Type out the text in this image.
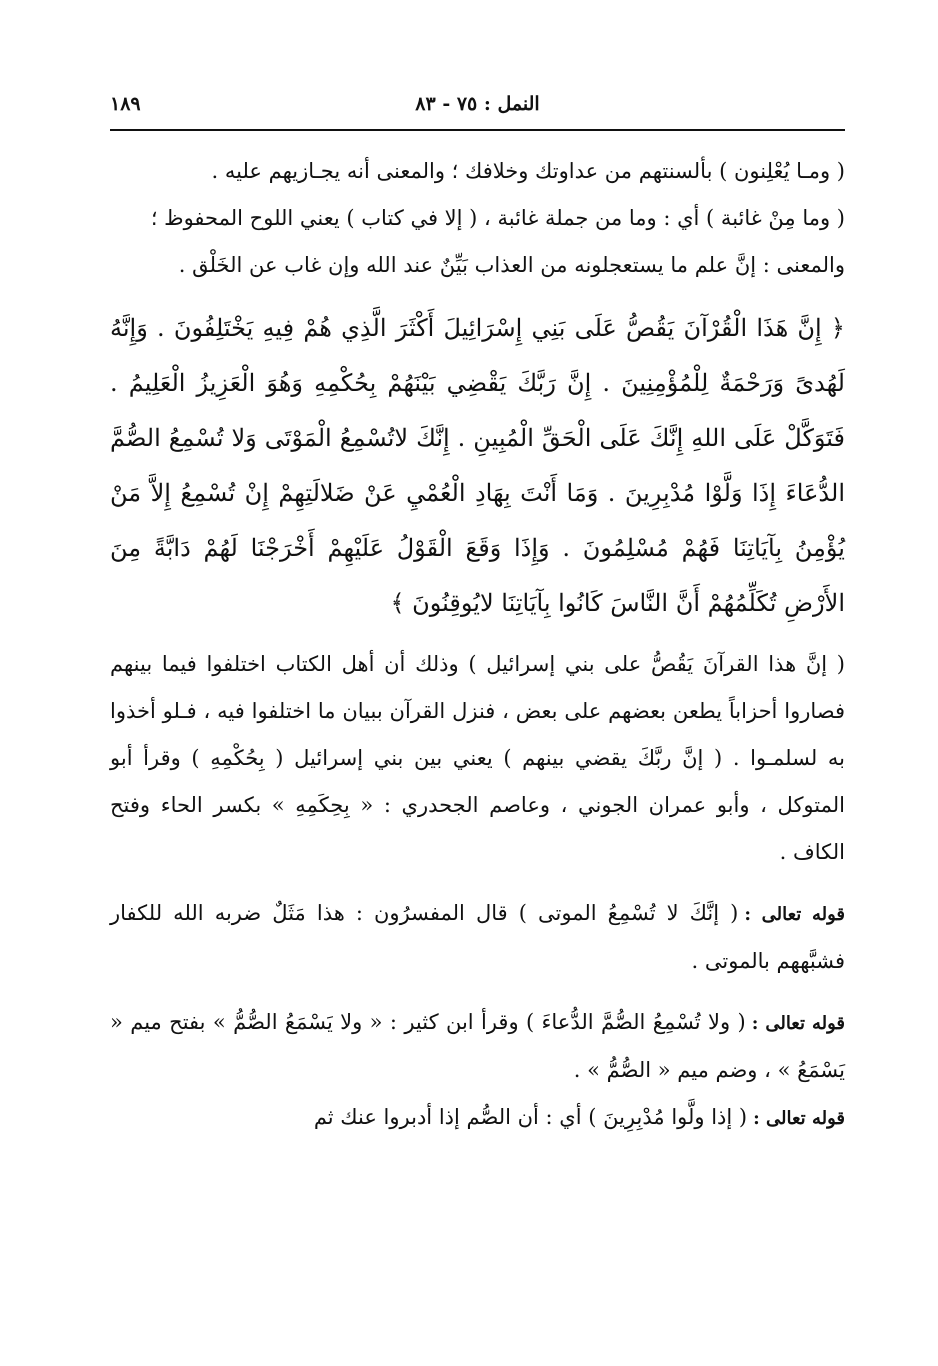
النمل : ٧٥ - ٨٣
١٨٩

( ومـا يُعْلِنون ) بألسنتهم من عداوتك وخلافك ؛ والمعنى أنه يجـازيهم عليه .

( وما مِنْ غائبة ) أي : وما من جملة غائبة ، ( إلا في كتاب ) يعني اللوح المحفوظ ؛

والمعنى : إنَّ علم ما يستعجلونه من العذاب بَيِّنٌ عند الله وإن غاب عن الخَلْق .

﴿ إِنَّ هَذَا الْقُرْآنَ يَقُصُّ عَلَى بَنِي إِسْرَائِيلَ أَكْثَرَ الَّذِي هُمْ فِيهِ يَخْتَلِفُونَ . وَإِنَّهُ لَهُدىً وَرَحْمَةٌ لِلْمُؤْمِنِينَ . إِنَّ رَبَّكَ يَقْضِي بَيْنَهُمْ بِحُكْمِهِ وَهُوَ الْعَزِيزُ الْعَلِيمُ . فَتَوَكَّلْ عَلَى اللهِ إِنَّكَ عَلَى الْحَقِّ الْمُبِينِ . إِنَّكَ لاتُسْمِعُ الْمَوْتَى وَلا تُسْمِعُ الصُّمَّ الدُّعَاءَ إِذَا وَلَّوْا مُدْبِرِينَ . وَمَا أَنْتَ بِهَادِ الْعُمْيِ عَنْ ضَلالَتِهِمْ إِنْ تُسْمِعُ إِلاَّ مَنْ يُؤْمِنُ بِآيَاتِنَا فَهُمْ مُسْلِمُونَ . وَإِذَا وَقَعَ الْقَوْلُ عَلَيْهِمْ أَخْرَجْنَا لَهُمْ دَابَّةً مِنَ الأَرْضِ تُكَلِّمُهُمْ أَنَّ النَّاسَ كَانُوا بِآيَاتِنَا لايُوقِنُونَ ﴾

( إنَّ هذا القرآنَ يَقُصُّ على بني إسرائيل ) وذلك أن أهل الكتاب اختلفوا فيما بينهم فصاروا أحزاباً يطعن بعضهم على بعض ، فنزل القرآن ببيان ما اختلفوا فيه ، فـلو أخذوا به لسلمـوا . ( إنَّ ربَّكَ يقضي بينهم ) يعني بين بني إسرائيل ( بِحُكْمِهِ ) وقرأ أبو المتوكل ، وأبو عمران الجوني ، وعاصم الجحدري : « بِحِكَمِهِ » بكسر الحاء وفتح الكاف .

قوله تعالى :( إنَّكَ لا تُسْمِعُ الموتى ) قال المفسرُون : هذا مَثَلٌ ضربه الله للكفار فشبَّههم بالموتى .

قوله تعالى :( ولا تُسْمِعُ الصُّمَّ الدُّعاءَ ) وقرأ ابن كثير : « ولا يَسْمَعُ الصُّمُّ » بفتح ميم « يَسْمَعُ » ، وضم ميم « الصُّمُّ » .

قوله تعالى :( إذا ولَّوا مُدْبِرِينَ ) أي : أن الصُّم إذا أدبروا عنك ثم
